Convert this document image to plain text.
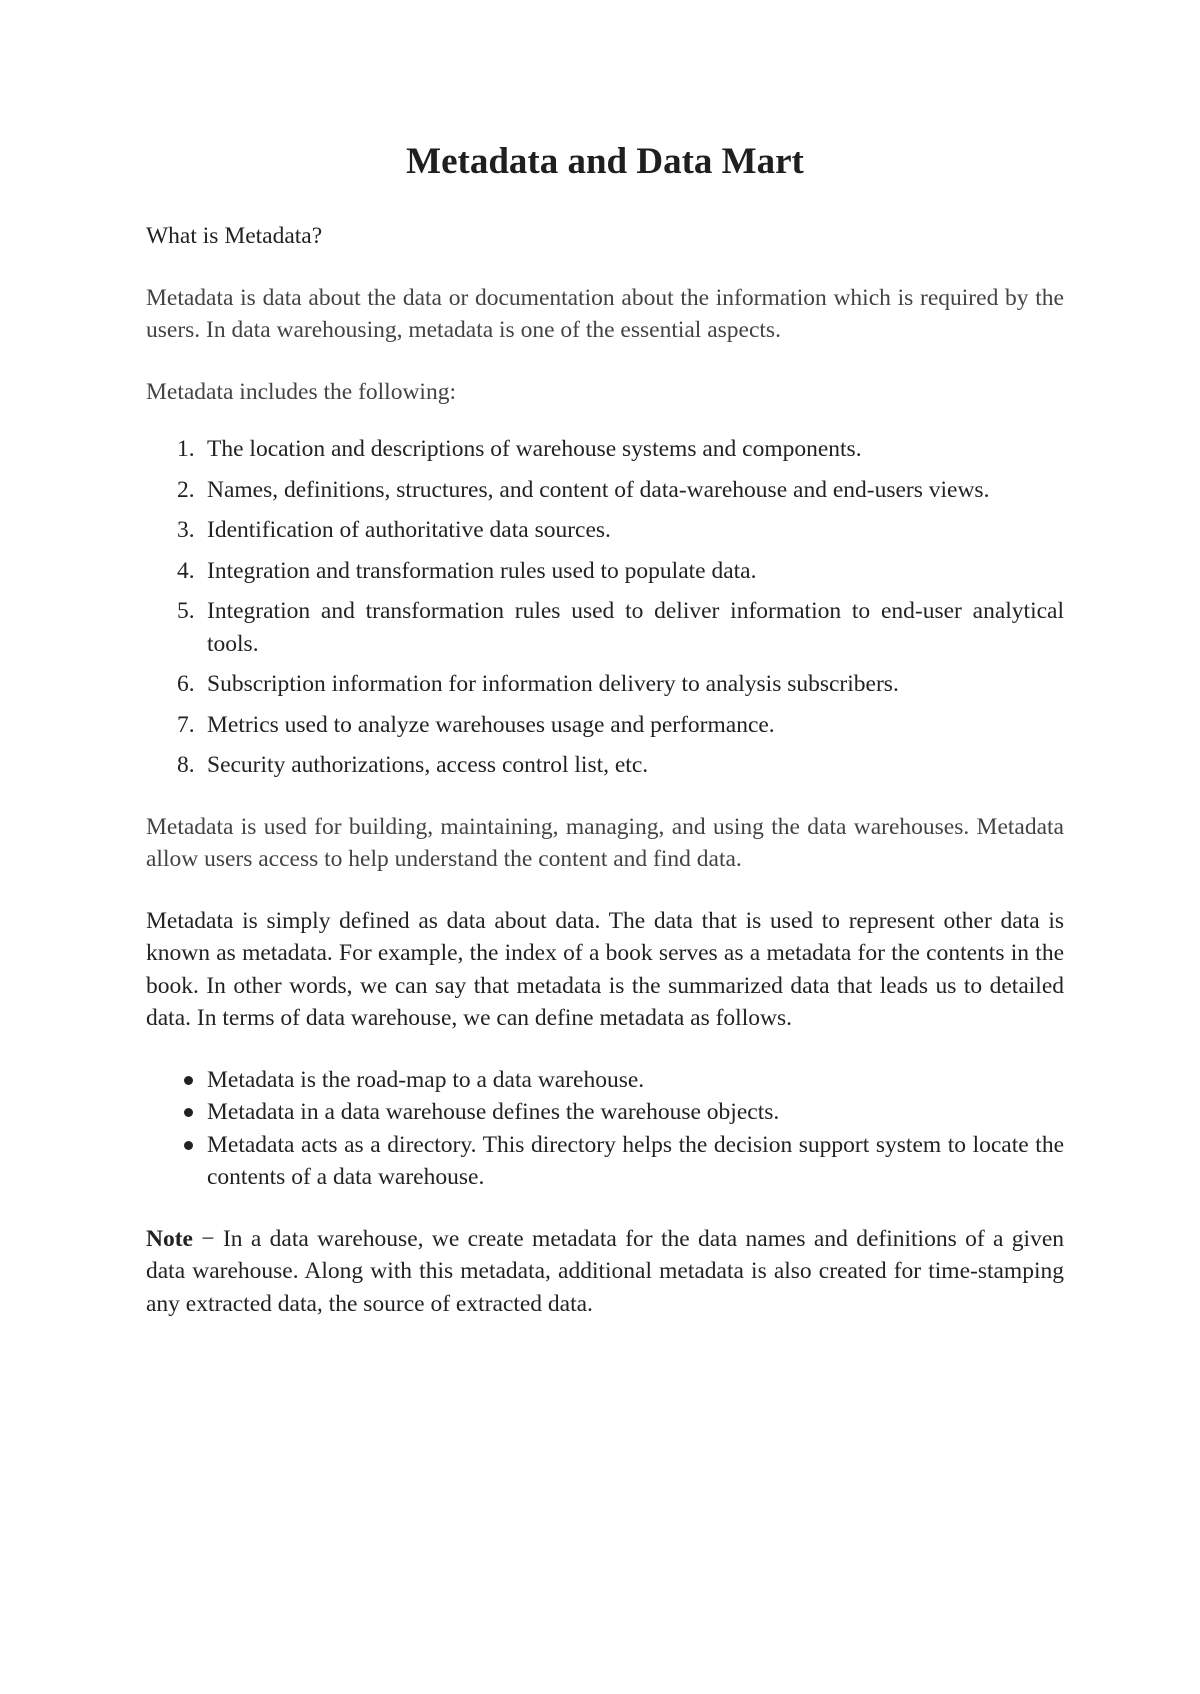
Metadata and Data Mart

What is Metadata?

Metadata is data about the data or documentation about the information which is required by the users. In data warehousing, metadata is one of the essential aspects.

Metadata includes the following:

1. The location and descriptions of warehouse systems and components.
2. Names, definitions, structures, and content of data-warehouse and end-users views.
3. Identification of authoritative data sources.
4. Integration and transformation rules used to populate data.
5. Integration and transformation rules used to deliver information to end-user analytical tools.
6. Subscription information for information delivery to analysis subscribers.
7. Metrics used to analyze warehouses usage and performance.
8. Security authorizations, access control list, etc.

Metadata is used for building, maintaining, managing, and using the data warehouses. Metadata allow users access to help understand the content and find data.

Metadata is simply defined as data about data. The data that is used to represent other data is known as metadata. For example, the index of a book serves as a metadata for the contents in the book. In other words, we can say that metadata is the summarized data that leads us to detailed data. In terms of data warehouse, we can define metadata as follows.

Metadata is the road-map to a data warehouse.
Metadata in a data warehouse defines the warehouse objects.
Metadata acts as a directory. This directory helps the decision support system to locate the contents of a data warehouse.

Note − In a data warehouse, we create metadata for the data names and definitions of a given data warehouse. Along with this metadata, additional metadata is also created for time-stamping any extracted data, the source of extracted data.
